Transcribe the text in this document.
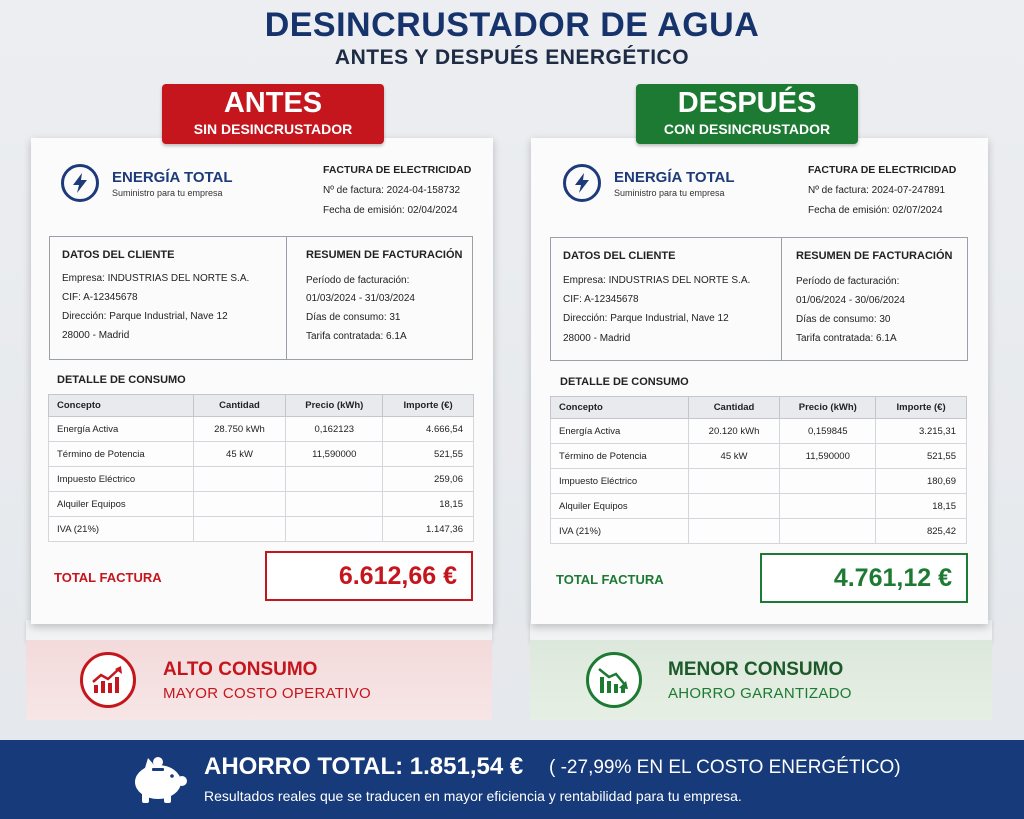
DESINCRUSTADOR DE AGUA
ANTES Y DESPUÉS ENERGÉTICO
ENERGÍA TOTAL
Suministro para tu empresa
FACTURA DE ELECTRICIDAD
Nº de factura: 2024-04-158732
Fecha de emisión: 02/04/2024
DATOS DEL CLIENTE
Empresa: INDUSTRIAS DEL NORTE S.A.
CIF: A-12345678
Dirección: Parque Industrial, Nave 12
28000 - Madrid
RESUMEN DE FACTURACIÓN
Período de facturación:
01/03/2024 - 31/03/2024
Días de consumo: 31
Tarifa contratada: 6.1A
DETALLE DE CONSUMO
Concepto	Cantidad	Precio (kWh)	Importe (€)
Energía Activa	28.750 kWh	0,162123	4.666,54
Término de Potencia	45 kW	11,590000	521,55
Impuesto Eléctrico			259,06
Alquiler Equipos			18,15
IVA (21%)			1.147,36
TOTAL FACTURA	6.612,66 €
ANTES
SIN DESINCRUSTADOR
ALTO CONSUMO
MAYOR COSTO OPERATIVO
ENERGÍA TOTAL
Suministro para tu empresa
FACTURA DE ELECTRICIDAD
Nº de factura: 2024-07-247891
Fecha de emisión: 02/07/2024
DATOS DEL CLIENTE
Empresa: INDUSTRIAS DEL NORTE S.A.
CIF: A-12345678
Dirección: Parque Industrial, Nave 12
28000 - Madrid
RESUMEN DE FACTURACIÓN
Período de facturación:
01/06/2024 - 30/06/2024
Días de consumo: 30
Tarifa contratada: 6.1A
DETALLE DE CONSUMO
Concepto	Cantidad	Precio (kWh)	Importe (€)
Energía Activa	20.120 kWh	0,159845	3.215,31
Término de Potencia	45 kW	11,590000	521,55
Impuesto Eléctrico			180,69
Alquiler Equipos			18,15
IVA (21%)			825,42
TOTAL FACTURA	4.761,12 €
DESPUÉS
CON DESINCRUSTADOR
MENOR CONSUMO
AHORRO GARANTIZADO
AHORRO TOTAL: 1.851,54 € ( -27,99% EN EL COSTO ENERGÉTICO)
Resultados reales que se traducen en mayor eficiencia y rentabilidad para tu empresa.
